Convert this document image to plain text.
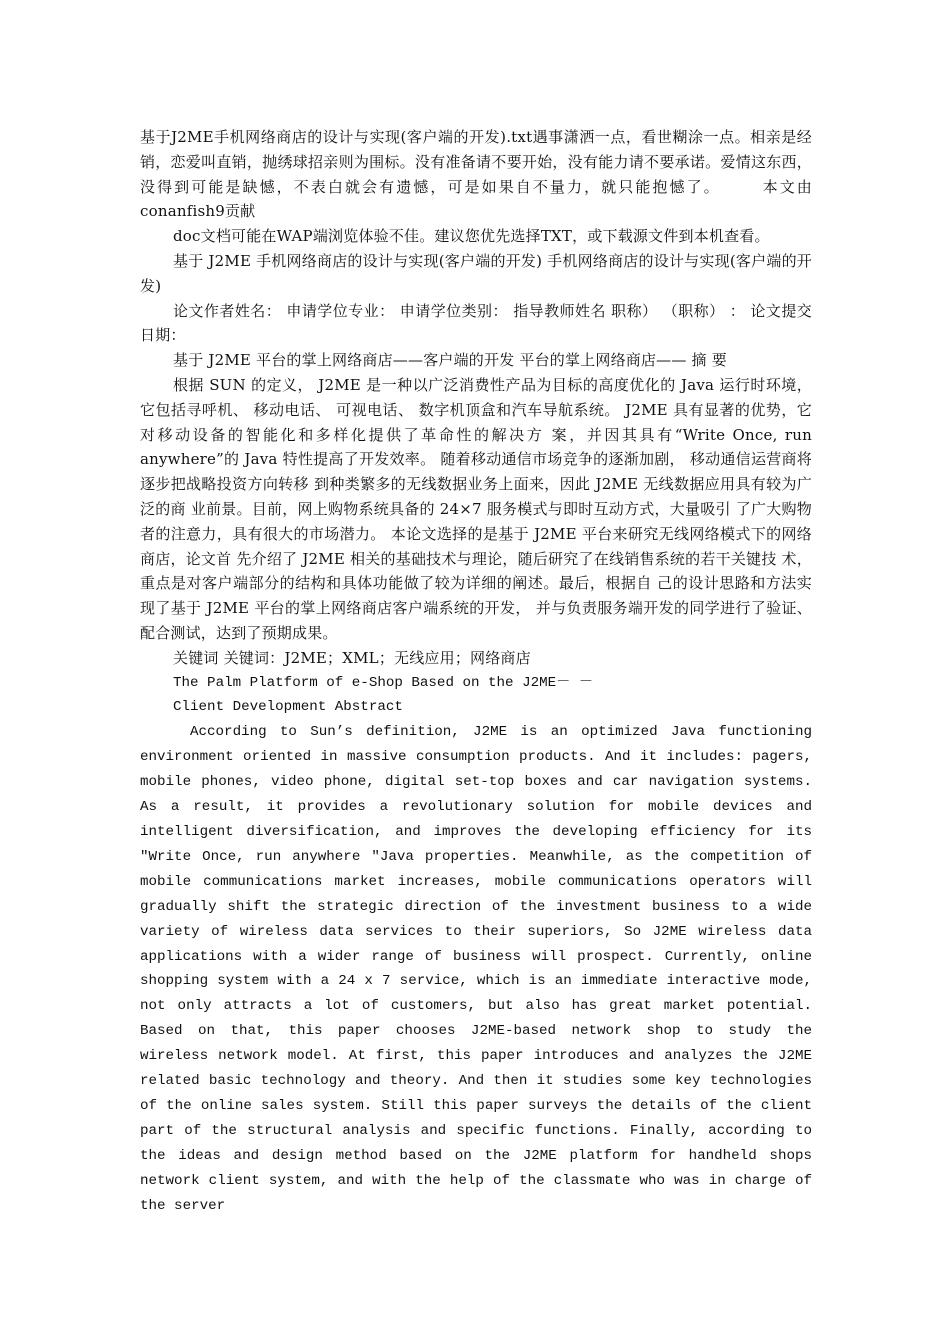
基于J2ME手机网络商店的设计与实现(客户端的开发).txt遇事潇洒一点，看世糊涂一点。相亲是经销，恋爱叫直销，抛绣球招亲则为围标。没有准备请不要开始，没有能力请不要承诺。爱情这东西，没得到可能是缺憾，不表白就会有遗憾，可是如果自不量力，就只能抱憾了。	本文由conanfish9贡献

doc文档可能在WAP端浏览体验不佳。建议您优先选择TXT，或下载源文件到本机查看。

基于 J2ME 手机网络商店的设计与实现(客户端的开发) 手机网络商店的设计与实现(客户端的开发)

论文作者姓名： 申请学位专业： 申请学位类别： 指导教师姓名 职称） （职称） ： 论文提交日期：

基于 J2ME 平台的掌上网络商店——客户端的开发 平台的掌上网络商店—— 摘 要

根据 SUN 的定义， J2ME 是一种以广泛消费性产品为目标的高度优化的 Java 运行时环境， 它包括寻呼机、 移动电话、 可视电话、 数字机顶盒和汽车导航系统。 J2ME 具有显著的优势，它对移动设备的智能化和多样化提供了革命性的解决方 案，并因其具有“Write Once, run anywhere”的 Java 特性提高了开发效率。 随着移动通信市场竞争的逐渐加剧， 移动通信运营商将逐步把战略投资方向转移 到种类繁多的无线数据业务上面来，因此 J2ME 无线数据应用具有较为广泛的商 业前景。目前，网上购物系统具备的 24×7 服务模式与即时互动方式，大量吸引 了广大购物者的注意力，具有很大的市场潜力。 本论文选择的是基于 J2ME 平台来研究无线网络模式下的网络商店，论文首 先介绍了 J2ME 相关的基础技术与理论，随后研究了在线销售系统的若干关键技 术，重点是对客户端部分的结构和具体功能做了较为详细的阐述。最后，根据自 己的设计思路和方法实现了基于 J2ME 平台的掌上网络商店客户端系统的开发， 并与负责服务端开发的同学进行了验证、配合测试，达到了预期成果。

关键词 关键词：J2ME；XML；无线应用；网络商店

The Palm Platform of e-Shop Based on the J2ME－ －

Client Development Abstract

According to Sun’s definition, J2ME is an optimized Java functioning environment oriented in massive consumption products. And it includes: pagers, mobile phones, video phone, digital set-top boxes and car navigation systems. As a result, it provides a revolutionary solution for mobile devices and intelligent diversification, and improves the developing efficiency for its "Write Once, run anywhere "Java properties. Meanwhile, as the competition of mobile communications market increases, mobile communications operators will gradually shift the strategic direction of the investment business to a wide variety of wireless data services to their superiors, So J2ME wireless data applications with a wider range of business will prospect. Currently, online shopping system with a 24 x 7 service, which is an immediate interactive mode, not only attracts a lot of customers, but also has great market potential. Based on that, this paper chooses J2ME-based network shop to study the wireless network model. At first, this paper introduces and analyzes the J2ME related basic technology and theory. And then it studies some key technologies of the online sales system. Still this paper surveys the details of the client part of the structural analysis and specific functions. Finally, according to the ideas and design method based on the J2ME platform for handheld shops network client system, and with the help of the classmate who was in charge of the server
